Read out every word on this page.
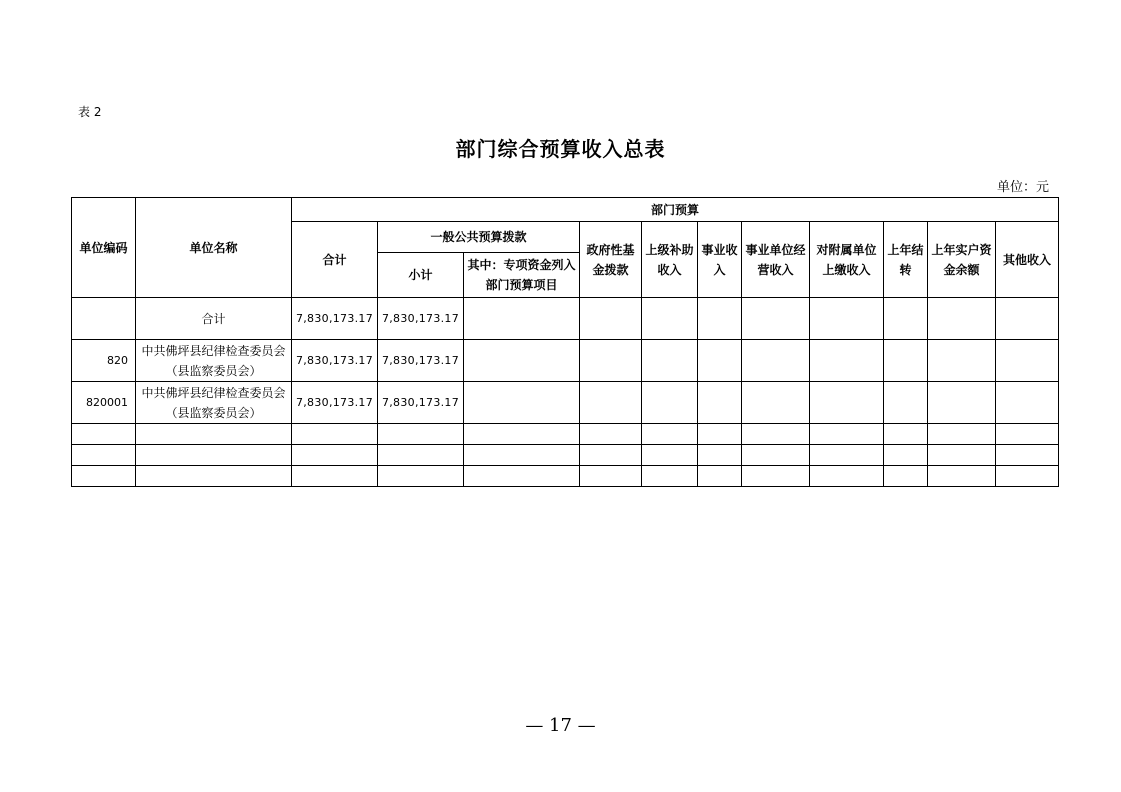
表 2
部门综合预算收入总表
单位：元
单位编码	单位名称	部门预算										
		合计	一般公共预算拨款		政府性基金拨款	上级补助收入	事业收入	事业单位经营收入	对附属单位上缴收入	上年结转	上年实户资金余额	其他收入
			小计	其中：专项资金列入部门预算项目								
	合计	7,830,173.17	7,830,173.17									
820	中共佛坪县纪律检查委员会（县监察委员会）	7,830,173.17	7,830,173.17									
820001	中共佛坪县纪律检查委员会（县监察委员会）	7,830,173.17	7,830,173.17									

— 17 —
